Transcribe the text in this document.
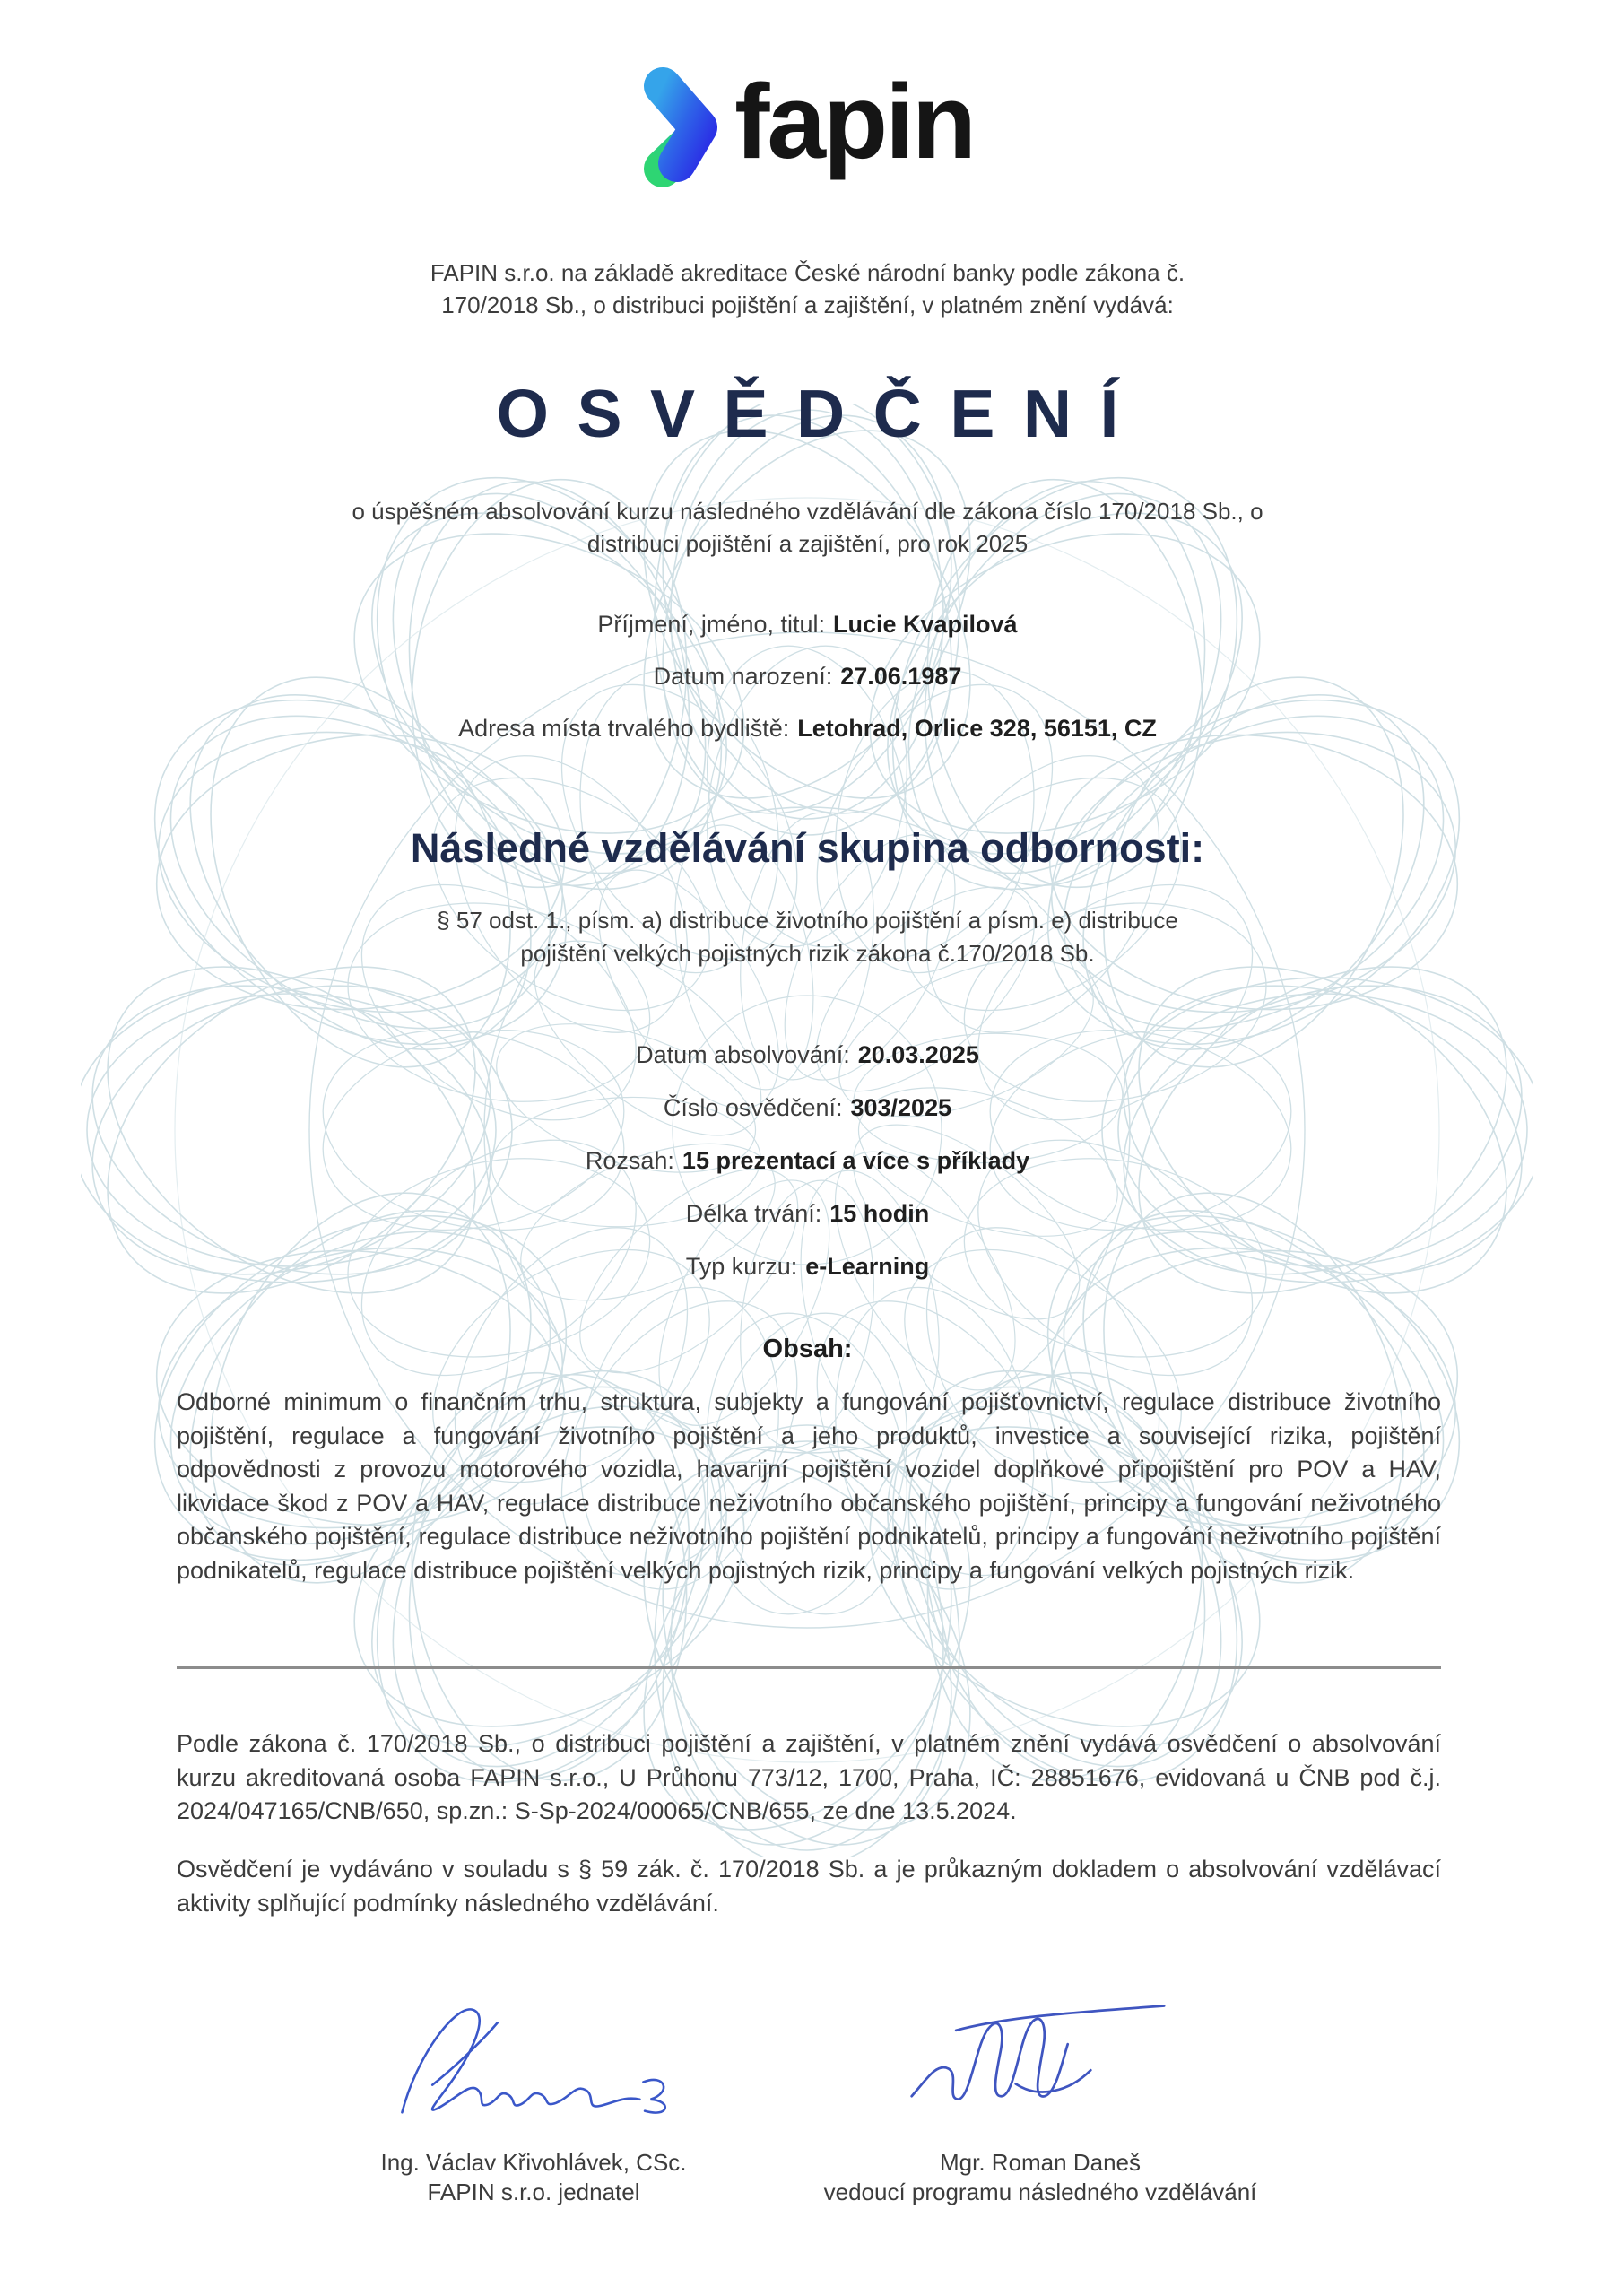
fapin
FAPIN s.r.o. na základě akreditace České národní banky podle zákona č. 170/2018 Sb., o distribuci pojištění a zajištění, v platném znění vydává:
OSVĚDČENÍ
o úspěšném absolvování kurzu následného vzdělávání dle zákona číslo 170/2018 Sb., o distribuci pojištění a zajištění, pro rok 2025
Příjmení, jméno, titul: Lucie Kvapilová
Datum narození: 27.06.1987
Adresa místa trvalého bydliště: Letohrad, Orlice 328, 56151, CZ
Následné vzdělávání skupina odbornosti:
§ 57 odst. 1., písm. a) distribuce životního pojištění a písm. e) distribuce pojištění velkých pojistných rizik zákona č.170/2018 Sb.
Datum absolvování: 20.03.2025
Číslo osvědčení: 303/2025
Rozsah: 15 prezentací a více s příklady
Délka trvání: 15 hodin
Typ kurzu: e-Learning
Obsah:
Odborné minimum o finančním trhu, struktura, subjekty a fungování pojišťovnictví, regulace distribuce životního pojištění, regulace a fungování životního pojištění a jeho produktů, investice a související rizika, pojištění odpovědnosti z provozu motorového vozidla, havarijní pojištění vozidel doplňkové připojištění pro POV a HAV, likvidace škod z POV a HAV, regulace distribuce neživotního občanského pojištění, principy a fungování neživotného občanského pojištění, regulace distribuce neživotního pojištění podnikatelů, principy a fungování neživotního pojištění podnikatelů, regulace distribuce pojištění velkých pojistných rizik, principy a fungování velkých pojistných rizik.
Podle zákona č. 170/2018 Sb., o distribuci pojištění a zajištění, v platném znění vydává osvědčení o absolvování kurzu akreditovaná osoba FAPIN s.r.o., U Průhonu 773/12, 1700, Praha, IČ: 28851676, evidovaná u ČNB pod č.j. 2024/047165/CNB/650, sp.zn.: S-Sp-2024/00065/CNB/655, ze dne 13.5.2024.
Osvědčení je vydáváno v souladu s § 59 zák. č. 170/2018 Sb. a je průkazným dokladem o absolvování vzdělávací aktivity splňující podmínky následného vzdělávání.
Ing. Václav Křivohlávek, CSc.
FAPIN s.r.o. jednatel
Mgr. Roman Daneš
vedoucí programu následného vzdělávání
